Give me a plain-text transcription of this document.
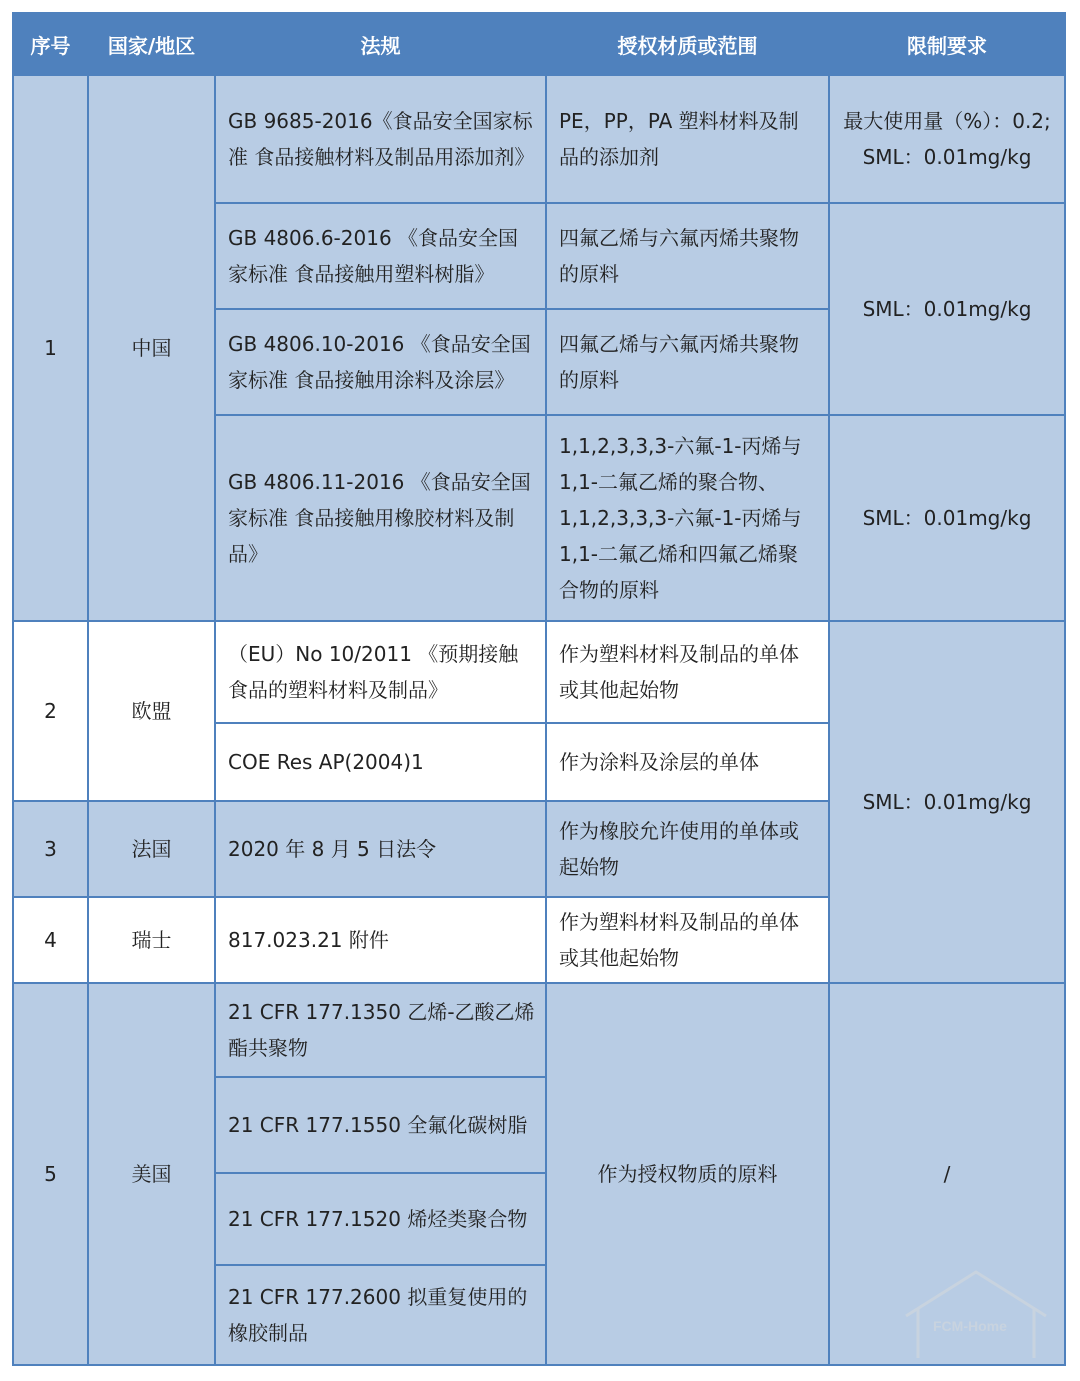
序号	国家/地区	法规	授权材质或范围	限制要求
1	中国	GB 9685-2016《食品安全国家标准 食品接触材料及制品用添加剂》	PE，PP，PA 塑料材料及制品的添加剂	最大使用量（%）：0.2; SML：0.01mg/kg
		GB 4806.6-2016 《食品安全国家标准 食品接触用塑料树脂》	四氟乙烯与六氟丙烯共聚物的原料	SML：0.01mg/kg
		GB 4806.10-2016 《食品安全国家标准 食品接触用涂料及涂层》	四氟乙烯与六氟丙烯共聚物的原料	
		GB 4806.11-2016 《食品安全国家标准 食品接触用橡胶材料及制品》	1,1,2,3,3,3-六氟-1-丙烯与1,1-二氟乙烯的聚合物、1,1,2,3,3,3-六氟-1-丙烯与1,1-二氟乙烯和四氟乙烯聚合物的原料	SML：0.01mg/kg
2	欧盟	（EU）No 10/2011 《预期接触食品的塑料材料及制品》	作为塑料材料及制品的单体或其他起始物	SML：0.01mg/kg
		COE Res AP(2004)1	作为涂料及涂层的单体	
3	法国	2020 年 8 月 5 日法令	作为橡胶允许使用的单体或起始物	
4	瑞士	817.023.21 附件	作为塑料材料及制品的单体或其他起始物	
5	美国	21 CFR 177.1350 乙烯-乙酸乙烯酯共聚物	作为授权物质的原料	/
		21 CFR 177.1550 全氟化碳树脂		
		21 CFR 177.1520 烯烃类聚合物		
		21 CFR 177.2600 拟重复使用的橡胶制品			FCM-Home
